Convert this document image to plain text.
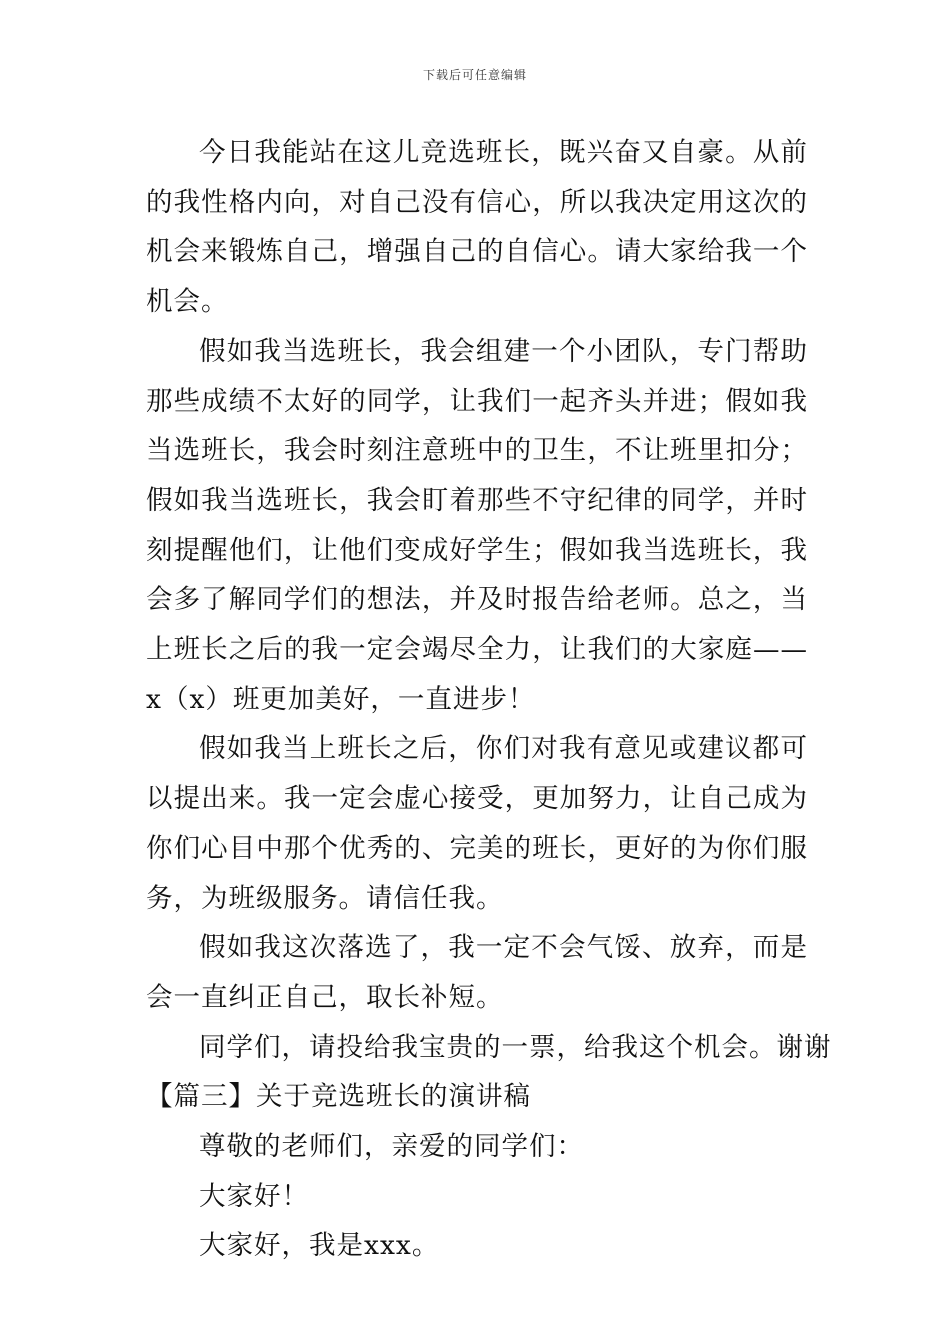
下载后可任意编辑

今日我能站在这儿竞选班长，既兴奋又自豪。从前的我性格内向，对自己没有信心，所以我决定用这次的机会来锻炼自己，增强自己的自信心。请大家给我一个机会。

假如我当选班长，我会组建一个小团队，专门帮助那些成绩不太好的同学，让我们一起齐头并进；假如我当选班长，我会时刻注意班中的卫生，不让班里扣分；假如我当选班长，我会盯着那些不守纪律的同学，并时刻提醒他们，让他们变成好学生；假如我当选班长，我会多了解同学们的想法，并及时报告给老师。总之，当上班长之后的我一定会竭尽全力，让我们的大家庭——x（x）班更加美好，一直进步！

假如我当上班长之后，你们对我有意见或建议都可以提出来。我一定会虚心接受，更加努力，让自己成为你们心目中那个优秀的、完美的班长，更好的为你们服务，为班级服务。请信任我。

假如我这次落选了，我一定不会气馁、放弃，而是会一直纠正自己，取长补短。

同学们，请投给我宝贵的一票，给我这个机会。谢谢

【篇三】关于竞选班长的演讲稿

尊敬的老师们，亲爱的同学们：

大家好！

大家好，我是xxx。
